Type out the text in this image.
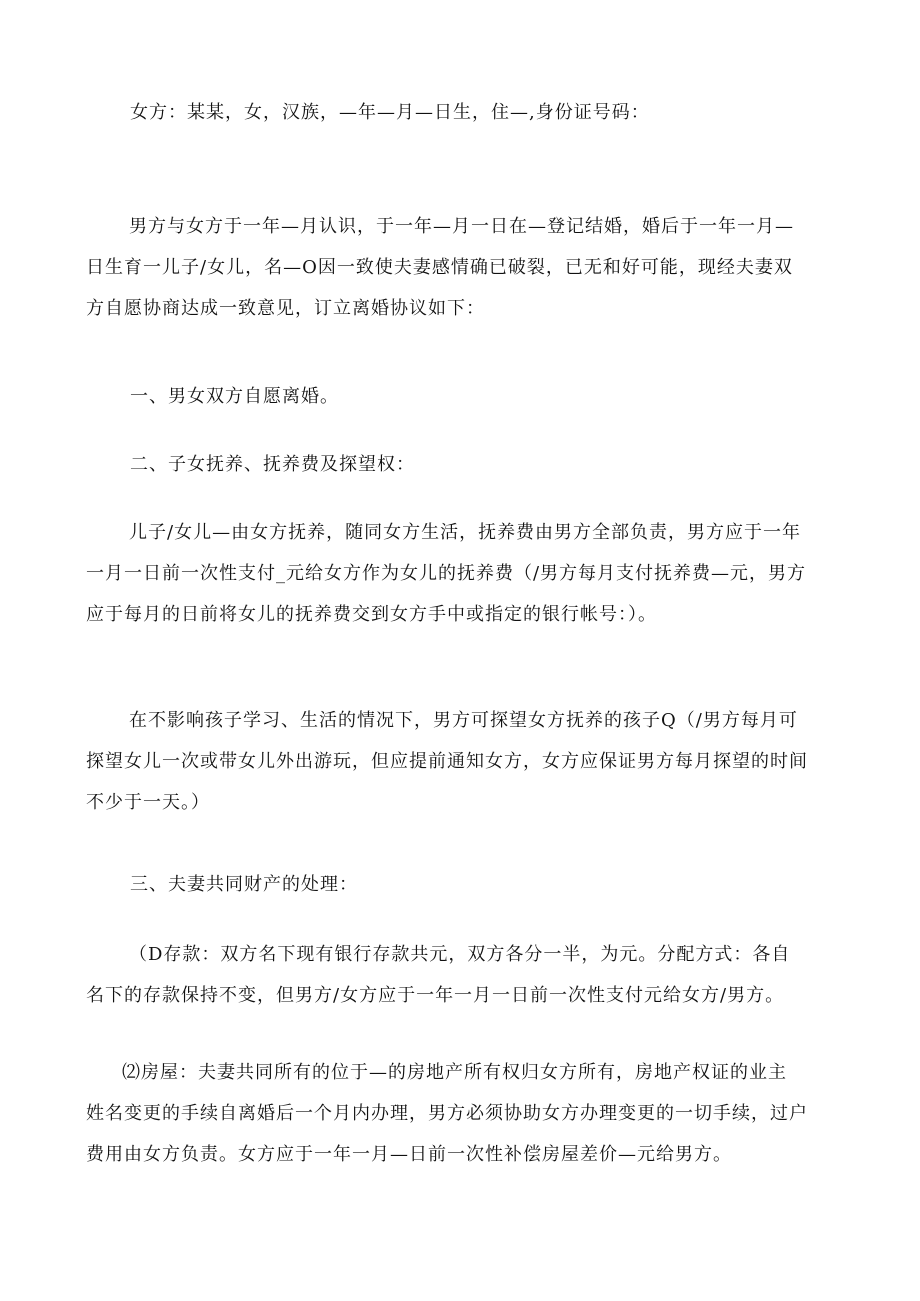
女方：某某，女，汉族，—年—月—日生，住—,身份证号码：

男方与女方于一年—月认识，于一年—月一日在—登记结婚，婚后于一年一月—
日生育一儿子/女儿，名—O因一致使夫妻感情确已破裂，已无和好可能，现经夫妻双
方自愿协商达成一致意见，订立离婚协议如下：

一、男女双方自愿离婚。

二、子女抚养、抚养费及探望权：

儿子/女儿—由女方抚养，随同女方生活，抚养费由男方全部负责，男方应于一年
一月一日前一次性支付_元给女方作为女儿的抚养费（/男方每月支付抚养费—元，男方
应于每月的日前将女儿的抚养费交到女方手中或指定的银行帐号：）。
在不影响孩子学习、生活的情况下，男方可探望女方抚养的孩子Q（/男方每月可
探望女儿一次或带女儿外出游玩，但应提前通知女方，女方应保证男方每月探望的时间
不少于一天。）

三、夫妻共同财产的处理：

（D存款：双方名下现有银行存款共元，双方各分一半，为元。分配方式：各自
名下的存款保持不变，但男方/女方应于一年一月一日前一次性支付元给女方/男方。
⑵房屋：夫妻共同所有的位于—的房地产所有权归女方所有，房地产权证的业主
姓名变更的手续自离婚后一个月内办理，男方必须协助女方办理变更的一切手续，过户
费用由女方负责。女方应于一年一月—日前一次性补偿房屋差价—元给男方。
